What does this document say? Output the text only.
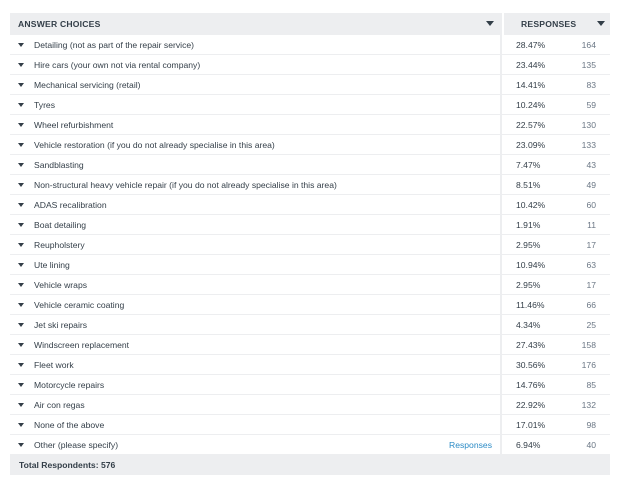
ANSWER CHOICES	RESPONSES
Detailing (not as part of the repair service)	28.47%	164
Hire cars (your own not via rental company)	23.44%	135
Mechanical servicing (retail)	14.41%	83
Tyres	10.24%	59
Wheel refurbishment	22.57%	130
Vehicle restoration (if you do not already specialise in this area)	23.09%	133
Sandblasting	7.47%	43
Non-structural heavy vehicle repair (if you do not already specialise in this area)	8.51%	49
ADAS recalibration	10.42%	60
Boat detailing	1.91%	11
Reupholstery	2.95%	17
Ute lining	10.94%	63
Vehicle wraps	2.95%	17
Vehicle ceramic coating	11.46%	66
Jet ski repairs	4.34%	25
Windscreen replacement	27.43%	158
Fleet work	30.56%	176
Motorcycle repairs	14.76%	85
Air con regas	22.92%	132
None of the above	17.01%	98
Other (please specify)	Responses	6.94%	40
Total Respondents: 576
